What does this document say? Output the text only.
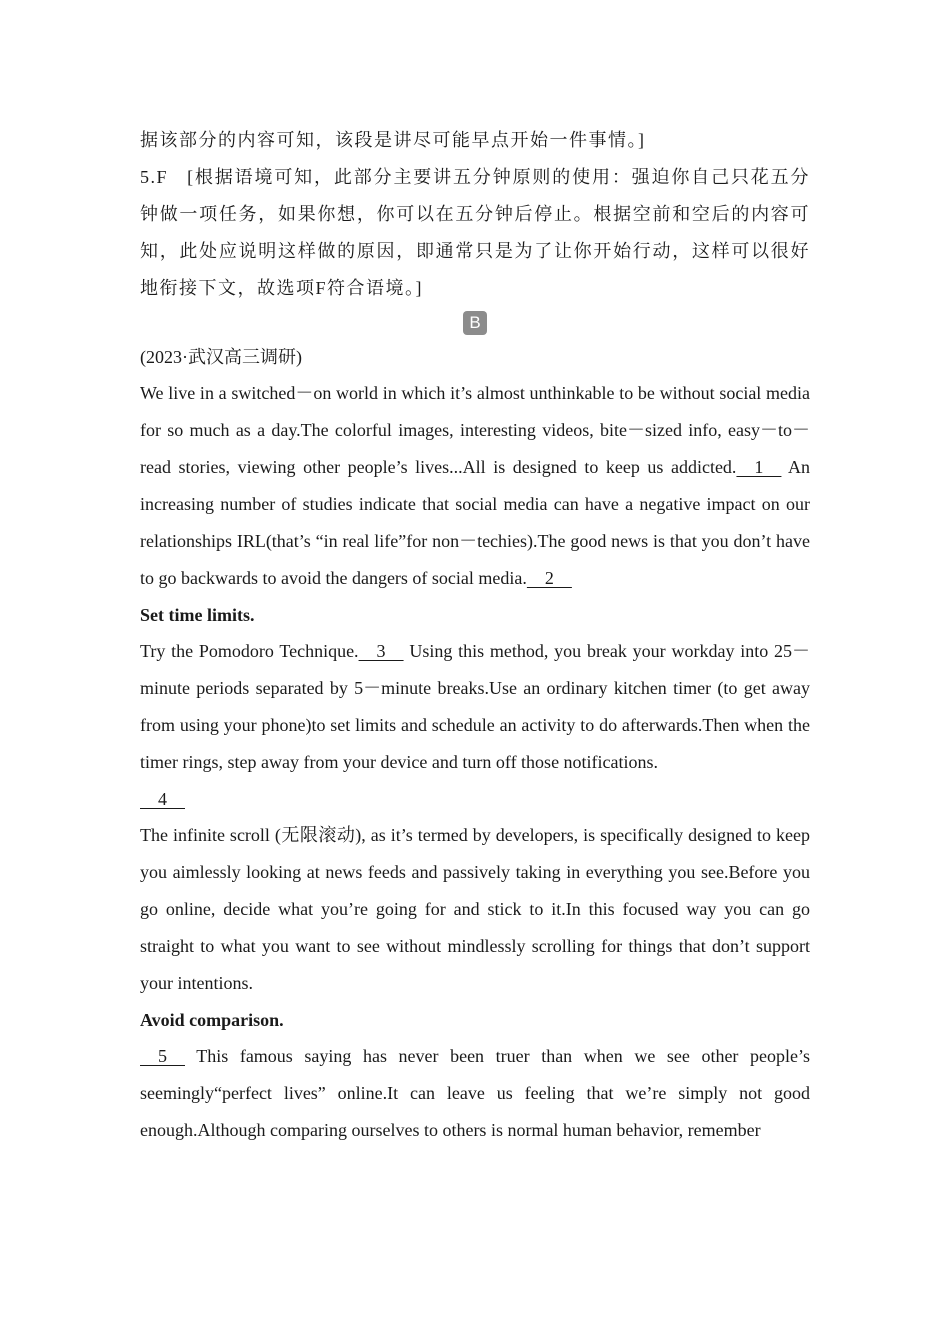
据该部分的内容可知，该段是讲尽可能早点开始一件事情。]

5.F [根据语境可知，此部分主要讲五分钟原则的使用：强迫你自己只花五分钟做一项任务，如果你想，你可以在五分钟后停止。根据空前和空后的内容可知，此处应说明这样做的原因，即通常只是为了让你开始行动，这样可以很好地衔接下文，故选项F符合语境。]

B

(2023·武汉高三调研)

We live in a switched－on world in which it’s almost unthinkable to be without social media for so much as a day.The colorful images, interesting videos, bite－sized info, easy－to－read stories, viewing other people’s lives...All is designed to keep us addicted.　1　 An increasing number of studies indicate that social media can have a negative impact on our relationships IRL(that’s “in real life”for non－techies).The good news is that you don’t have to go backwards to avoid the dangers of social media.　2　

Set time limits.

Try the Pomodoro Technique.　3　 Using this method, you break your workday into 25－minute periods separated by 5－minute breaks.Use an ordinary kitchen timer (to get away from using your phone)to set limits and schedule an activity to do afterwards.Then when the timer rings, step away from your device and turn off those notifications.

　4　

The infinite scroll (无限滚动), as it’s termed by developers, is specifically designed to keep you aimlessly looking at news feeds and passively taking in everything you see.Before you go online, decide what you’re going for and stick to it.In this focused way you can go straight to what you want to see without mindlessly scrolling for things that don’t support your intentions.

Avoid comparison.

　5　 This famous saying has never been truer than when we see other people’s seemingly“perfect lives” online.It can leave us feeling that we’re simply not good enough.Although comparing ourselves to others is normal human behavior, remember
